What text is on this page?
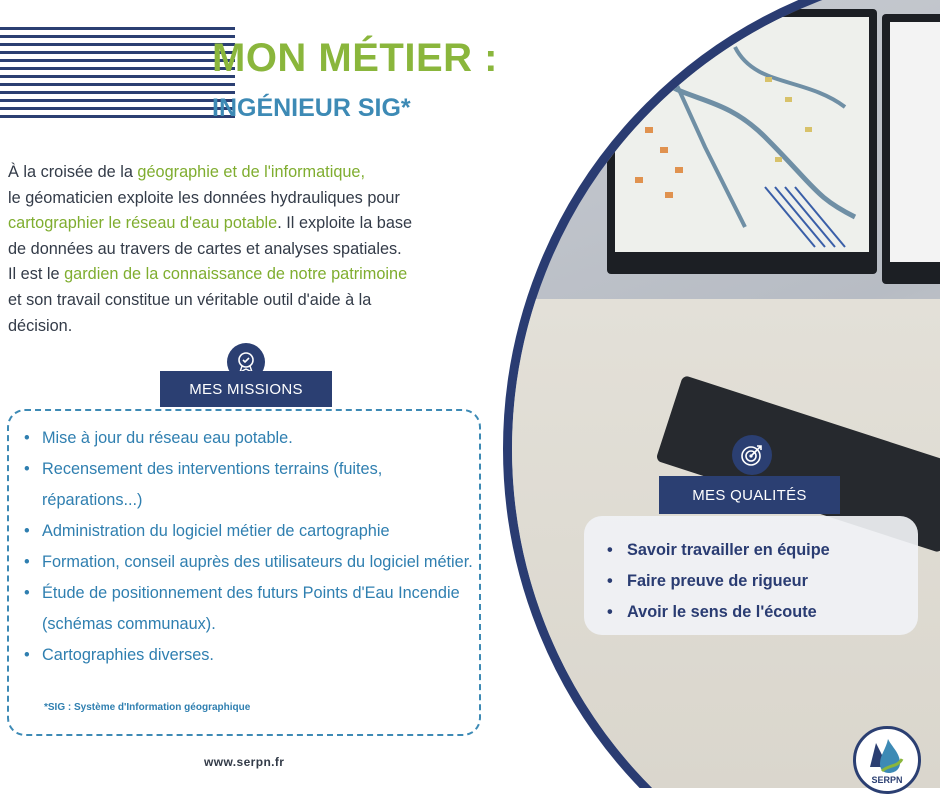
MON MÉTIER :
INGÉNIEUR SIG*
À la croisée de la géographie et de l'informatique,
le géomaticien exploite les données hydrauliques pour
cartographier le réseau d'eau potable. Il exploite la base
de données au travers de cartes et analyses spatiales.
Il est le gardien de la connaissance de notre patrimoine
et son travail constitue un véritable outil d'aide à la
décision.
MES MISSIONS
• Mise à jour du réseau eau potable.
• Recensement des interventions terrains (fuites, réparations...)
• Administration du logiciel métier de cartographie
• Formation, conseil auprès des utilisateurs du logiciel métier.
• Étude de positionnement des futurs Points d'Eau Incendie (schémas communaux).
• Cartographies diverses.
*SIG : Système d'Information géographique
MES QUALITÉS
• Savoir travailler en équipe
• Faire preuve de rigueur
• Avoir le sens de l'écoute
www.serpn.fr
SERPN
